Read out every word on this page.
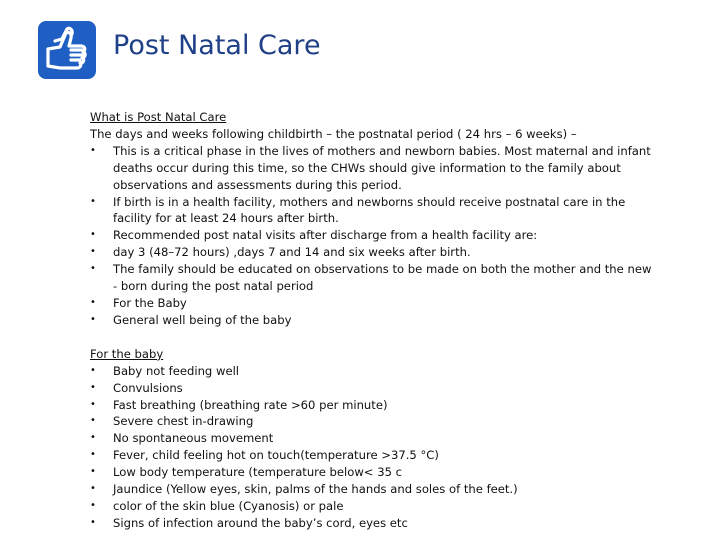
Post Natal Care
What is Post Natal Care
The days and weeks following childbirth – the postnatal period ( 24 hrs – 6 weeks) –
• This is a critical phase in the lives of mothers and newborn babies. Most maternal and infant
deaths occur during this time, so the CHWs should give information to the family about
observations and assessments during this period.
• If birth is in a health facility, mothers and newborns should receive postnatal care in the
facility for at least 24 hours after birth.
• Recommended post natal visits after discharge from a health facility are:
• day 3 (48–72 hours) ,days 7 and 14 and six weeks after birth.
• The family should be educated on observations to be made on both the mother and the new
- born during the post natal period
• For the Baby
• General well being of the baby
For the baby
• Baby not feeding well
• Convulsions
• Fast breathing (breathing rate >60 per minute)
• Severe chest in-drawing
• No spontaneous movement
• Fever, child feeling hot on touch(temperature >37.5 °C)
• Low body temperature (temperature below< 35 c
• Jaundice (Yellow eyes, skin, palms of the hands and soles of the feet.)
• color of the skin blue (Cyanosis) or pale
• Signs of infection around the baby’s cord, eyes etc
